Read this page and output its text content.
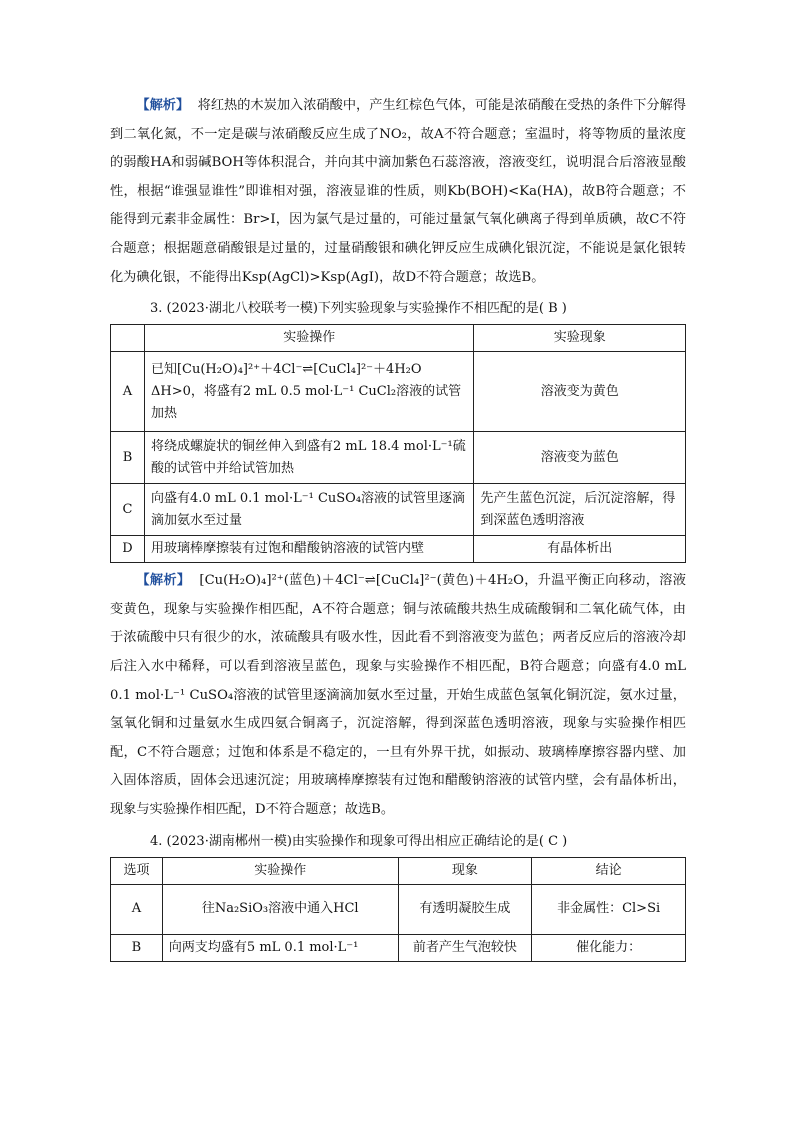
【解析】 将红热的木炭加入浓硝酸中，产生红棕色气体，可能是浓硝酸在受热的条件下分解得到二氧化氮，不一定是碳与浓硝酸反应生成了NO₂，故A不符合题意；室温时，将等物质的量浓度的弱酸HA和弱碱BOH等体积混合，并向其中滴加紫色石蕊溶液，溶液变红，说明混合后溶液显酸性，根据“谁强显谁性”即谁相对强，溶液显谁的性质，则Kb(BOH)<Ka(HA)，故B符合题意；不能得到元素非金属性：Br>I，因为氯气是过量的，可能过量氯气氧化碘离子得到单质碘，故C不符合题意；根据题意硝酸银是过量的，过量硝酸银和碘化钾反应生成碘化银沉淀，不能说是氯化银转化为碘化银，不能得出Ksp(AgCl)>Ksp(AgI)，故D不符合题意；故选B。

3. (2023·湖北八校联考一模)下列实验现象与实验操作不相匹配的是( B )
	实验操作	实验现象
A	已知[Cu(H₂O)₄]²⁺＋4Cl⁻⇌[CuCl₄]²⁻＋4H₂O ΔH>0，将盛有2 mL 0.5 mol·L⁻¹ CuCl₂溶液的试管加热	溶液变为黄色
B	将绕成螺旋状的铜丝伸入到盛有2 mL 18.4 mol·L⁻¹硫酸的试管中并给试管加热	溶液变为蓝色
C	向盛有4.0 mL 0.1 mol·L⁻¹ CuSO₄溶液的试管里逐滴滴加氨水至过量	先产生蓝色沉淀，后沉淀溶解，得到深蓝色透明溶液
D	用玻璃棒摩擦装有过饱和醋酸钠溶液的试管内壁	有晶体析出

【解析】 [Cu(H₂O)₄]²⁺(蓝色)＋4Cl⁻⇌[CuCl₄]²⁻(黄色)＋4H₂O，升温平衡正向移动，溶液变黄色，现象与实验操作相匹配，A不符合题意；铜与浓硫酸共热生成硫酸铜和二氧化硫气体，由于浓硫酸中只有很少的水，浓硫酸具有吸水性，因此看不到溶液变为蓝色；两者反应后的溶液冷却后注入水中稀释，可以看到溶液呈蓝色，现象与实验操作不相匹配，B符合题意；向盛有4.0 mL 0.1 mol·L⁻¹ CuSO₄溶液的试管里逐滴滴加氨水至过量，开始生成蓝色氢氧化铜沉淀，氨水过量，氢氧化铜和过量氨水生成四氨合铜离子，沉淀溶解，得到深蓝色透明溶液，现象与实验操作相匹配，C不符合题意；过饱和体系是不稳定的，一旦有外界干扰，如振动、玻璃棒摩擦容器内壁、加入固体溶质，固体会迅速沉淀；用玻璃棒摩擦装有过饱和醋酸钠溶液的试管内壁，会有晶体析出，现象与实验操作相匹配，D不符合题意；故选B。

4. (2023·湖南郴州一模)由实验操作和现象可得出相应正确结论的是( C )
选项	实验操作	现象	结论
A	往Na₂SiO₃溶液中通入HCl	有透明凝胶生成	非金属性：Cl>Si
B	向两支均盛有5 mL 0.1 mol·L⁻¹	前者产生气泡较快	催化能力：
